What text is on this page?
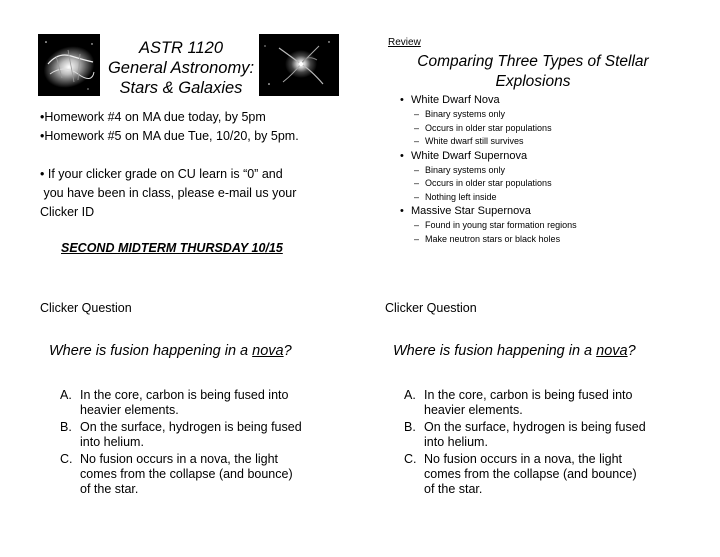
ASTR 1120
General Astronomy:
Stars & Galaxies
•Homework #4 on MA due today, by 5pm
•Homework #5 on MA due Tue, 10/20, by 5pm.
• If your clicker grade on CU learn is “0” and
you have been in class, please e-mail us your
Clicker ID
SECOND MIDTERM THURSDAY 10/15
Review
Comparing Three Types of Stellar
Explosions
• White Dwarf Nova
– Binary systems only
– Occurs in older star populations
– White dwarf still survives
• White Dwarf Supernova
– Binary systems only
– Occurs in older star populations
– Nothing left inside
• Massive Star Supernova
– Found in young star formation regions
– Make neutron stars or black holes
Clicker Question
Where is fusion happening in a nova?
A. In the core, carbon is being fused into
heavier elements.
B. On the surface, hydrogen is being fused
into helium.
C. No fusion occurs in a nova, the light
comes from the collapse (and bounce)
of the star.
Clicker Question
Where is fusion happening in a nova?
A. In the core, carbon is being fused into
heavier elements.
B. On the surface, hydrogen is being fused
into helium.
C. No fusion occurs in a nova, the light
comes from the collapse (and bounce)
of the star.
